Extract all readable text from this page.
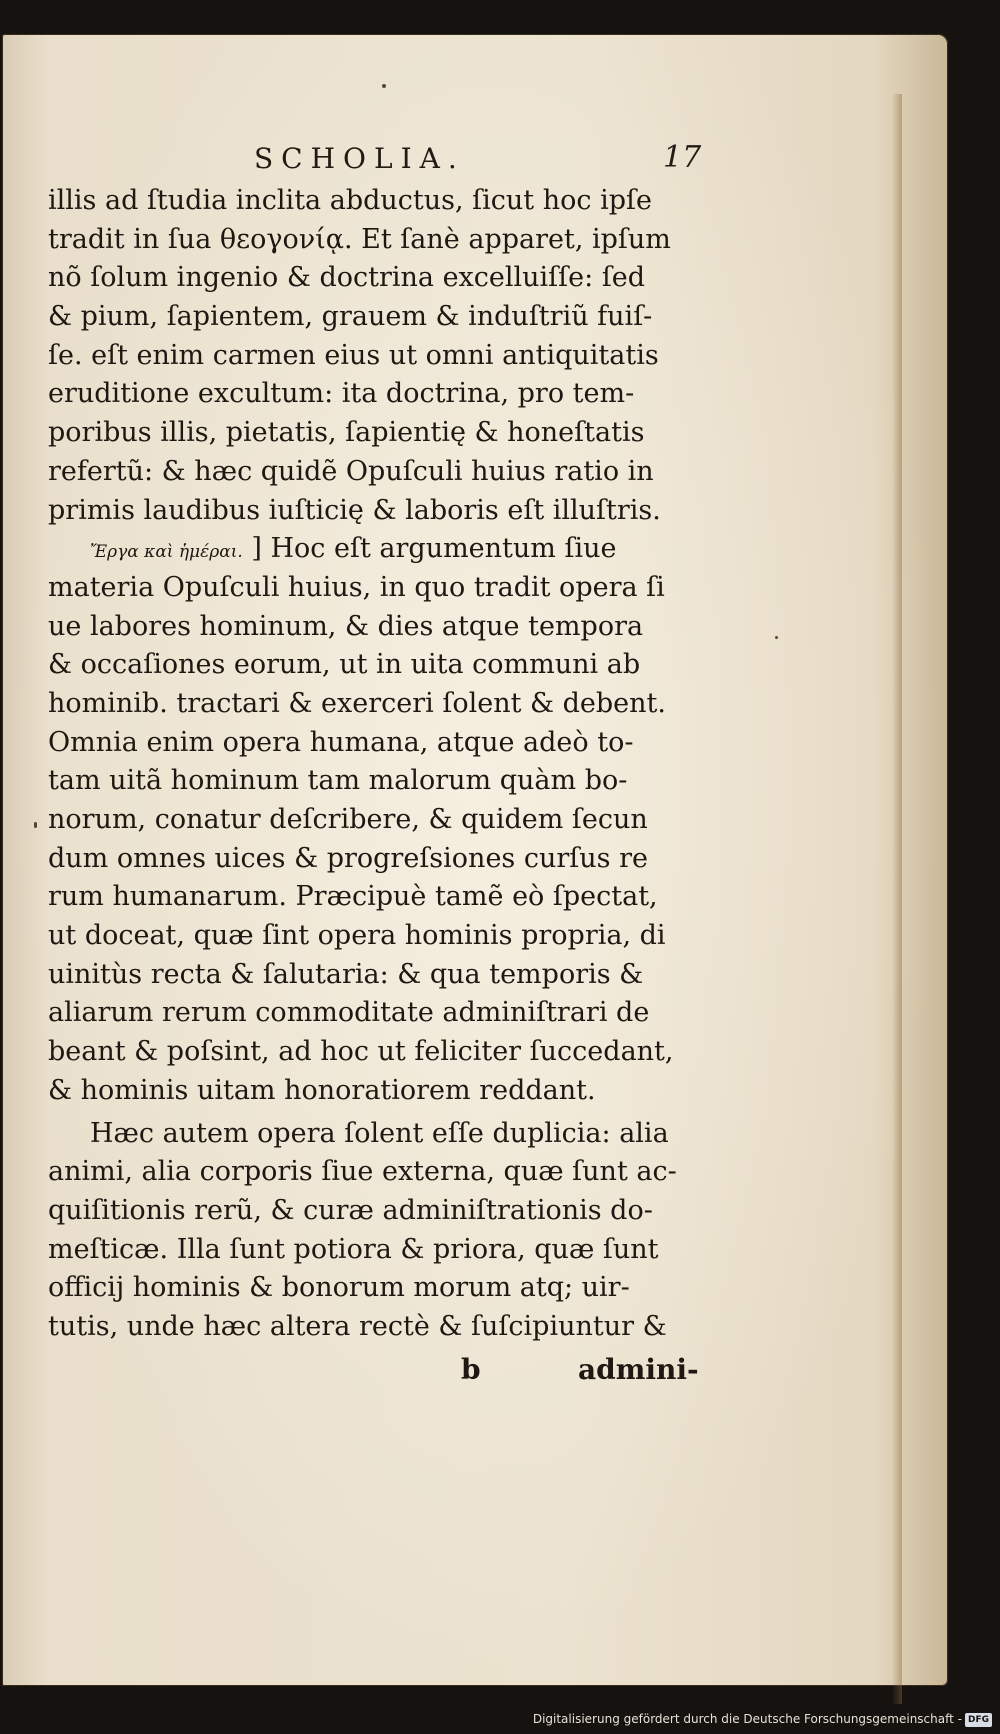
SCHOLIA.	17
illis ad ſtudia inclita abductus, ſicut hoc ipſe
tradit in ſua θεογονίᾳ. Et ſanè apparet, ipſum
nõ ſolum ingenio & doctrina excelluiſſe: ſed
& pium, ſapientem, grauem & induſtriũ fuiſ-
ſe. eſt enim carmen eius ut omni antiquitatis
eruditione excultum: ita doctrina, pro tem-
poribus illis, pietatis, ſapientię & honeſtatis
refertũ: & hæc quidẽ Opuſculi huius ratio in
primis laudibus iuſticię & laboris eſt illuſtris.
Ἔργα καὶ ἡμέραι. ] Hoc eſt argumentum ſiue
materia Opuſculi huius, in quo tradit opera ſi
ue labores hominum, & dies atque tempora
& occaſiones eorum, ut in uita communi ab
hominib. tractari & exerceri ſolent & debent.
Omnia enim opera humana, atque adeò to-
tam uitã hominum tam malorum quàm bo-
norum, conatur deſcribere, & quidem ſecun
dum omnes uices & progreſsiones curſus re
rum humanarum. Præcipuè tamẽ eò ſpectat,
ut doceat, quæ ſint opera hominis propria, di
uinitùs recta & ſalutaria: & qua temporis &
aliarum rerum commoditate adminiſtrari de
beant & poſsint, ad hoc ut feliciter ſuccedant,
& hominis uitam honoratiorem reddant.
Hæc autem opera ſolent eſſe duplicia: alia
animi, alia corporis ſiue externa, quæ ſunt ac-
quiſitionis rerũ, & curæ adminiſtrationis do-
meſticæ. Illa ſunt potiora & priora, quæ ſunt
officij hominis & bonorum morum atq; uir-
tutis, unde hæc altera rectè & ſuſcipiuntur &
b	admini-
Digitalisierung gefördert durch die Deutsche Forschungsgemeinschaft - DFG
